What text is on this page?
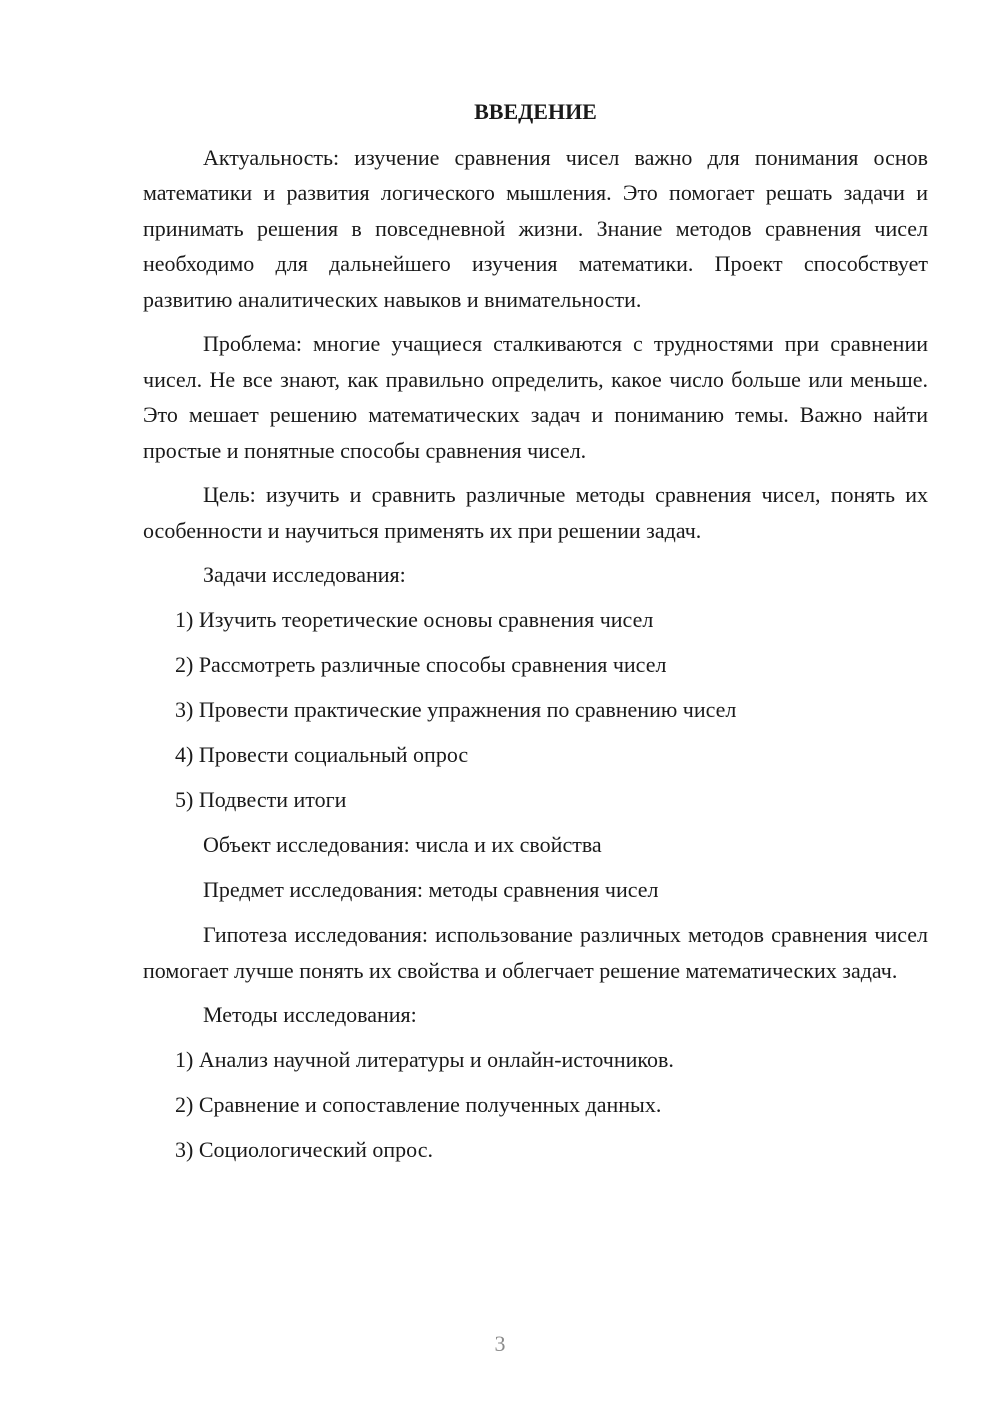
ВВЕДЕНИЕ
Актуальность: изучение сравнения чисел важно для понимания основ математики и развития логического мышления. Это помогает решать задачи и принимать решения в повседневной жизни. Знание методов сравнения чисел необходимо для дальнейшего изучения математики. Проект способствует развитию аналитических навыков и внимательности.
Проблема: многие учащиеся сталкиваются с трудностями при сравнении чисел. Не все знают, как правильно определить, какое число больше или меньше. Это мешает решению математических задач и пониманию темы. Важно найти простые и понятные способы сравнения чисел.
Цель: изучить и сравнить различные методы сравнения чисел, понять их особенности и научиться применять их при решении задач.
Задачи исследования:
1) Изучить теоретические основы сравнения чисел
2) Рассмотреть различные способы сравнения чисел
3) Провести практические упражнения по сравнению чисел
4) Провести социальный опрос
5) Подвести итоги
Объект исследования: числа и их свойства
Предмет исследования: методы сравнения чисел
Гипотеза исследования: использование различных методов сравнения чисел помогает лучше понять их свойства и облегчает решение математических задач.
Методы исследования:
1) Анализ научной литературы и онлайн-источников.
2) Сравнение и сопоставление полученных данных.
3) Социологический опрос.
3
